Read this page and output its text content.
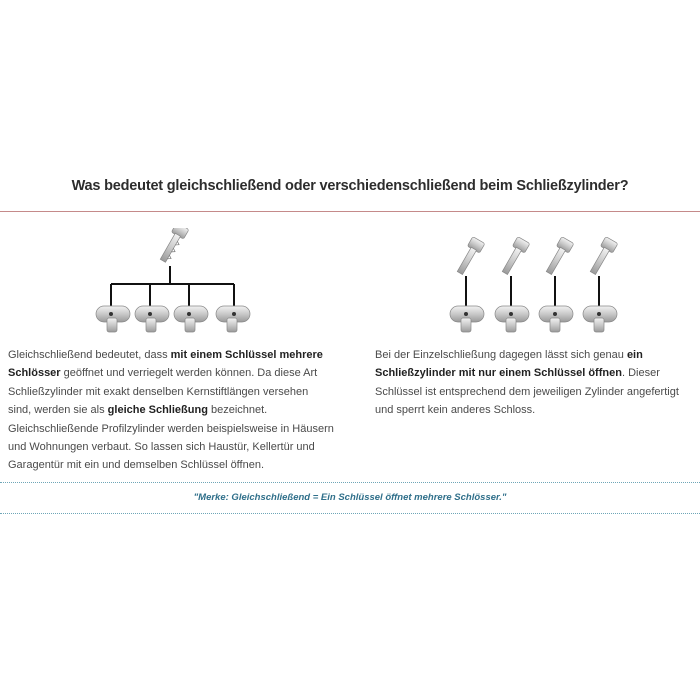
Was bedeutet gleichschließend oder verschiedenschließend beim Schließzylinder?
Gleichschließend bedeutet, dass mit einem Schlüssel mehrere Schlösser geöffnet und verriegelt werden können. Da diese Art Schließzylinder mit exakt denselben Kernstiftlängen versehen sind, werden sie als gleiche Schließung bezeichnet. Gleichschließende Profilzylinder werden beispielsweise in Häusern und Wohnungen verbaut. So lassen sich Haustür, Kellertür und Garagentür mit ein und demselben Schlüssel öffnen.
Bei der Einzelschließung dagegen lässt sich genau ein Schließzylinder mit nur einem Schlüssel öffnen. Dieser Schlüssel ist entsprechend dem jeweiligen Zylinder angefertigt und sperrt kein anderes Schloss.
"Merke: Gleichschließend = Ein Schlüssel öffnet mehrere Schlösser."
